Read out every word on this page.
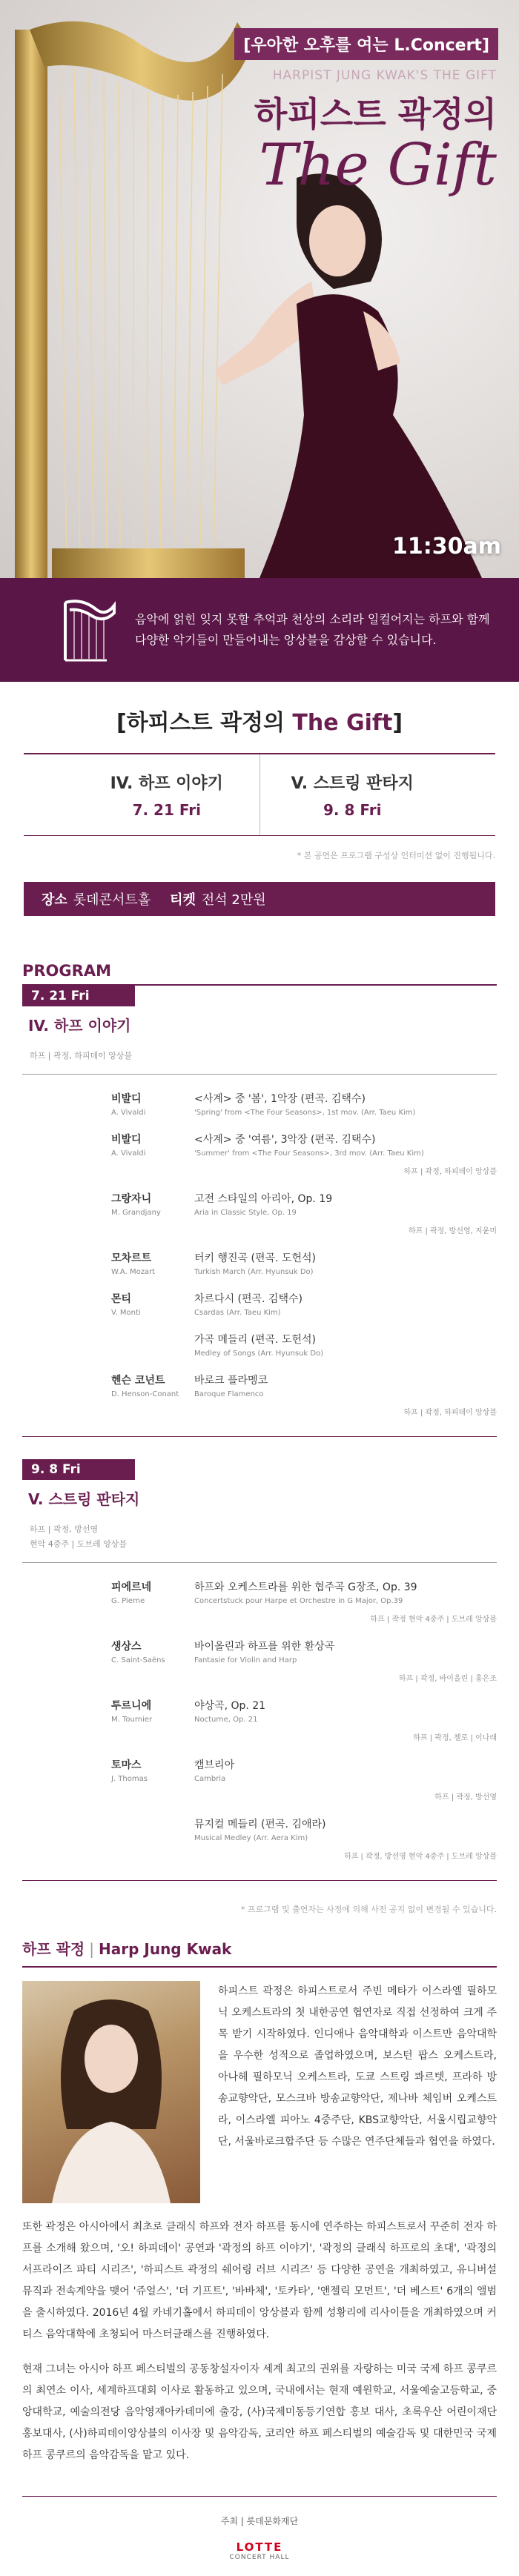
[우아한 오후를 여는 L.Concert]
HARPIST JUNG KWAK'S THE GIFT
하피스트 곽정의
The Gift
11:30am
음악에 얽힌 잊지 못할 추억과 천상의 소리라 일컬어지는 하프와 함께
다양한 악기들이 만들어내는 앙상블을 감상할 수 있습니다.
[하피스트 곽정의 The Gift]
IV. 하프 이야기
7. 21 Fri
V. 스트링 판타지
9. 8 Fri
* 본 공연은 프로그램 구성상 인터미션 없이 진행됩니다.
장소 롯데콘서트홀 티켓 전석 2만원
PROGRAM
7. 21 Fri
IV. 하프 이야기
하프 | 곽정, 하피데이 앙상블
비발디
A. Vivaldi
<사계> 중 '봄', 1악장 (편곡. 김택수)
'Spring' from <The Four Seasons>, 1st mov. (Arr. Taeu Kim)
비발디
A. Vivaldi
<사계> 중 '여름', 3악장 (편곡. 김택수)
'Summer' from <The Four Seasons>, 3rd mov. (Arr. Taeu Kim)
하프 | 곽정, 하피데이 앙상블
그랑자니
M. Grandjany
고전 스타일의 아리아, Op. 19
Aria in Classic Style, Op. 19
하프 | 곽정, 방선영, 지윤미
모차르트
W.A. Mozart
터키 행진곡 (편곡. 도헌석)
Turkish March (Arr. Hyunsuk Do)
몬티
V. Monti
차르다시 (편곡. 김택수)
Csardas (Arr. Taeu Kim)
가곡 메들리 (편곡. 도헌석)
Medley of Songs (Arr. Hyunsuk Do)
헨슨 코넌트
D. Henson-Conant
바로크 플라멩코
Baroque Flamenco
하프 | 곽정, 하피데이 앙상블
9. 8 Fri
V. 스트링 판타지
하프 | 곽정, 방선영
현악 4중주 | 도브레 앙상블
피에르네
G. Pierne
하프와 오케스트라를 위한 협주곡 G장조, Op. 39
Concertstuck pour Harpe et Orchestre in G Major, Op.39
하프 | 곽정 현악 4중주 | 도브레 앙상블
생상스
C. Saint-Saëns
바이올린과 하프를 위한 환상곡
Fantasie for Violin and Harp
하프 | 곽정, 바이올린 | 홍은조
투르니에
M. Tournier
야상곡, Op. 21
Nocturne, Op. 21
하프 | 곽정, 첼로 | 이나래
토마스
J. Thomas
캠브리아
Cambria
하프 | 곽정, 방선영
뮤지컬 메들리 (편곡. 김애라)
Musical Medley (Arr. Aera Kim)
하프 | 곽정, 방선영 현악 4중주 | 도브레 앙상블
* 프로그램 및 출연자는 사정에 의해 사전 공지 없이 변경될 수 있습니다.
하프 곽정 | Harp Jung Kwak
하피스트 곽정은 하피스트로서 주빈 메타가 이스라엘 필하모닉 오케스트라의 첫 내한공연 협연자로 직접 선정하여 크게 주목 받기 시작하였다. 인디애나 음악대학과 이스트만 음악대학을 우수한 성적으로 졸업하였으며, 보스턴 팝스 오케스트라, 아나헤 필하모닉 오케스트라, 도쿄 스트링 콰르텟, 프라하 방송교향악단, 모스크바 방송교향악단, 제나바 체임버 오케스트라, 이스라엘 피아노 4중주단, KBS교향악단, 서울시립교향악단, 서울바로크합주단 등 수많은 연주단체들과 협연을 하였다.

또한 곽정은 아시아에서 최초로 클래식 하프와 전자 하프를 동시에 연주하는 하피스트로서 꾸준히 전자 하프를 소개해 왔으며, '오! 하피데이' 공연과 '곽정의 하프 이야기', '곽정의 클래식 하프로의 초대', '곽정의 서프라이즈 파티 시리즈', '하피스트 곽정의 쉐어링 러브 시리즈' 등 다양한 공연을 개최하였고, 유니버설 뮤직과 전속계약을 맺어 '쥬얼스', '더 기프트', '바바체', '토카타', '앤젤릭 모먼트', '더 베스트' 6개의 앨범을 출시하였다. 2016년 4월 카네기홀에서 하피데이 앙상블과 함께 성황리에 리사이틀을 개최하였으며 커티스 음악대학에 초청되어 마스터클래스를 진행하였다.

현재 그녀는 아시아 하프 페스티벌의 공동창설자이자 세계 최고의 권위를 자랑하는 미국 국제 하프 콩쿠르의 최연소 이사, 세계하프대회 이사로 활동하고 있으며, 국내에서는 현재 예원학교, 서울예술고등학교, 중앙대학교, 예술의전당 음악영재아카데미에 출강, (사)국제미동등기연합 홍보 대사, 초록우산 어린이재단 홍보대사, (사)하피데이앙상블의 이사장 및 음악감독, 코리안 하프 페스티벌의 예술감독 및 대한민국 국제 하프 콩쿠르의 음악감독을 맡고 있다.

주최 | 롯데문화재단
LOTTE
CONCERT HALL
